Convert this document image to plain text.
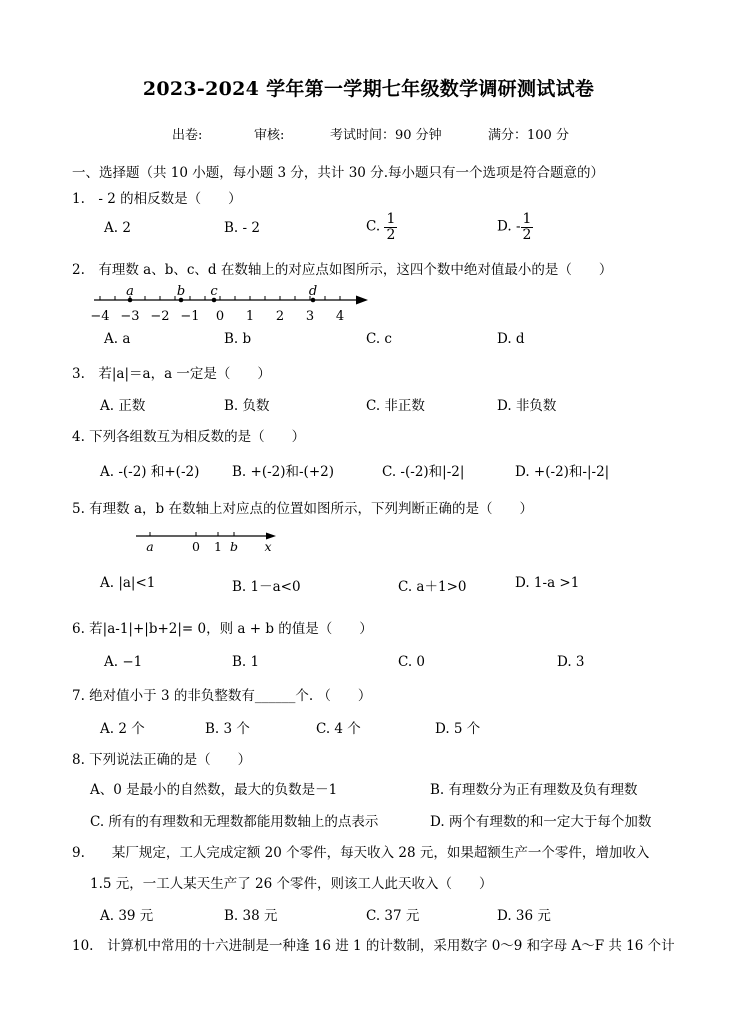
2023-2024 学年第一学期七年级数学调研测试试卷
出卷:	审核:	考试时间：90 分钟	满分：100 分
一、选择题（共 10 小题，每小题 3 分，共计 30 分.每小题只有一个选项是符合题意的）
1.　- 2 的相反数是（　　）
A. 2	B. - 2	C. $\frac{1}{2}$	D. - $\frac{1}{2}$
2.　有理数 a、b、c、d 在数轴上的对应点如图所示，这四个数中绝对值最小的是（　　）
−4 −3 −2 −1 0 1 2 3 4
a	b c	d
A. a	B. b	C. c	D. d
3.　若|a|＝a，a 一定是（　　）
A. 正数	B. 负数	C. 非正数	D. 非负数
4. 下列各组数互为相反数的是（　　）
A. -(-2) 和+(-2) B. +(-2)和-(+2)	C. -(-2)和|-2|	D. +(-2)和-|-2|
5. 有理数 a，b 在数轴上对应点的位置如图所示，下列判断正确的是（　　）
a	0 1 b x
A. |a|<1	B. 1－a<0	C. a＋1>0	D. 1-a >1
6. 若|a-1|+|b+2|= 0，则 a + b 的值是（　　）
A. −1	B. 1	C. 0	D. 3
7. 绝对值小于 3 的非负整数有______个. （　　）
A. 2 个	B. 3 个	C. 4 个	D. 5 个
8. 下列说法正确的是（　　）
A、0 是最小的自然数，最大的负数是－1	B. 有理数分为正有理数及负有理数
C. 所有的有理数和无理数都能用数轴上的点表示	D. 两个有理数的和一定大于每个加数
9.　　某厂规定，工人完成定额 20 个零件，每天收入 28 元，如果超额生产一个零件，增加收入
1.5 元，一工人某天生产了 26 个零件，则该工人此天收入（　　）
A. 39 元	B. 38 元	C. 37 元	D. 36 元
10.　计算机中常用的十六进制是一种逢 16 进 1 的计数制，采用数字 0～9 和字母 A～F 共 16 个计
